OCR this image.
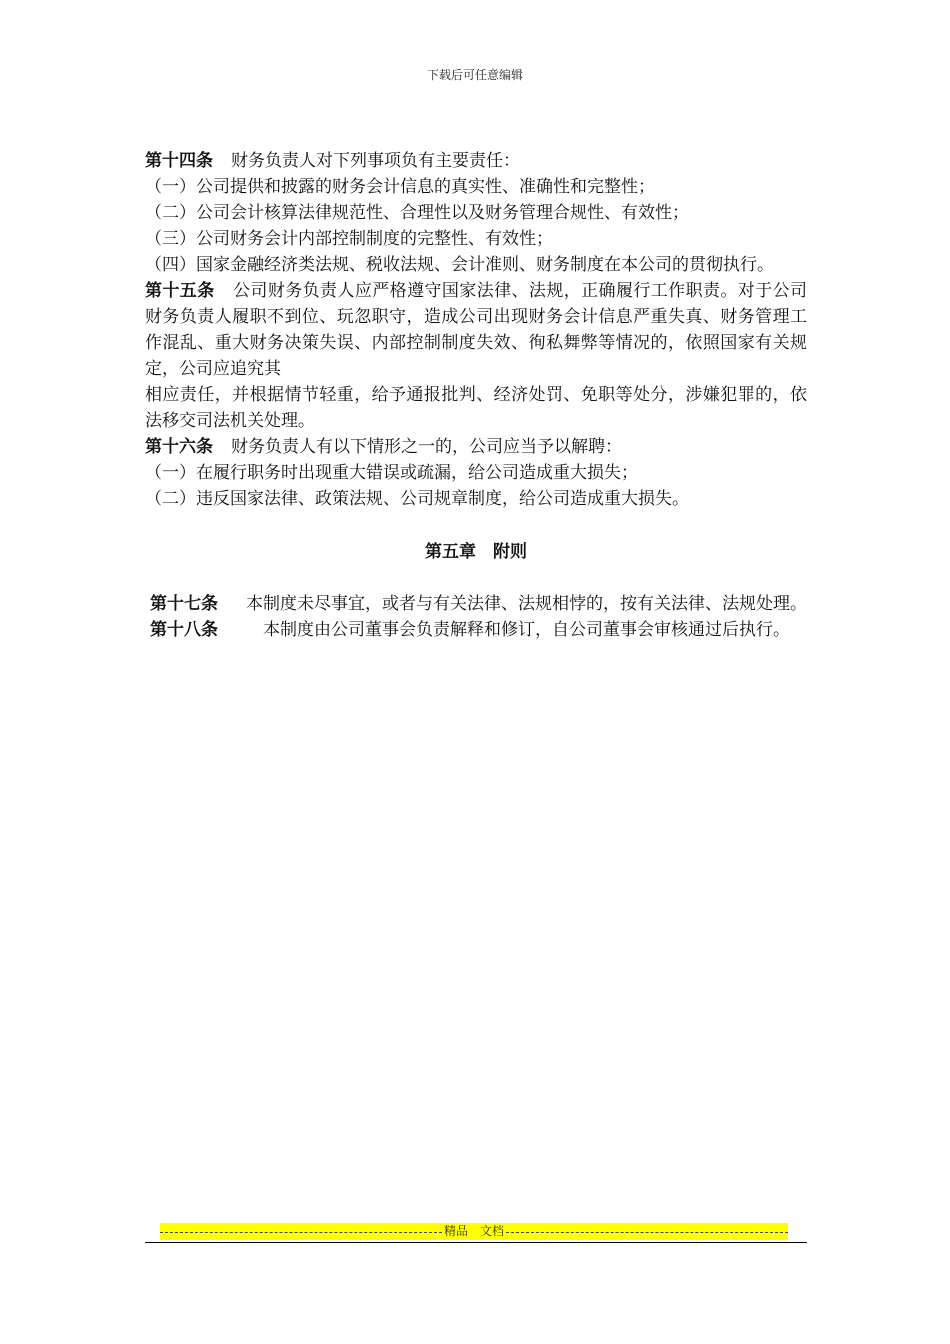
下载后可任意编辑

第十四条 财务负责人对下列事项负有主要责任：

（一）公司提供和披露的财务会计信息的真实性、准确性和完整性；

（二）公司会计核算法律规范性、合理性以及财务管理合规性、有效性；

（三）公司财务会计内部控制制度的完整性、有效性；

（四）国家金融经济类法规、税收法规、会计准则、财务制度在本公司的贯彻执行。

第十五条 公司财务负责人应严格遵守国家法律、法规，正确履行工作职责。对于公司财务负责人履职不到位、玩忽职守，造成公司出现财务会计信息严重失真、财务管理工作混乱、重大财务决策失误、内部控制制度失效、徇私舞弊等情况的，依照国家有关规定，公司应追究其

相应责任，并根据情节轻重，给予通报批判、经济处罚、免职等处分，涉嫌犯罪的，依法移交司法机关处理。

第十六条 财务负责人有以下情形之一的，公司应当予以解聘：

（一）在履行职务时出现重大错误或疏漏，给公司造成重大损失；

（二）违反国家法律、政策法规、公司规章制度，给公司造成重大损失。

第五章　附则
第十七条	本制度未尽事宜，或者与有关法律、法规相悖的，按有关法律、法规处理。
第十八条	本制度由公司董事会负责解释和修订，自公司董事会审核通过后执行。
精品　文档
